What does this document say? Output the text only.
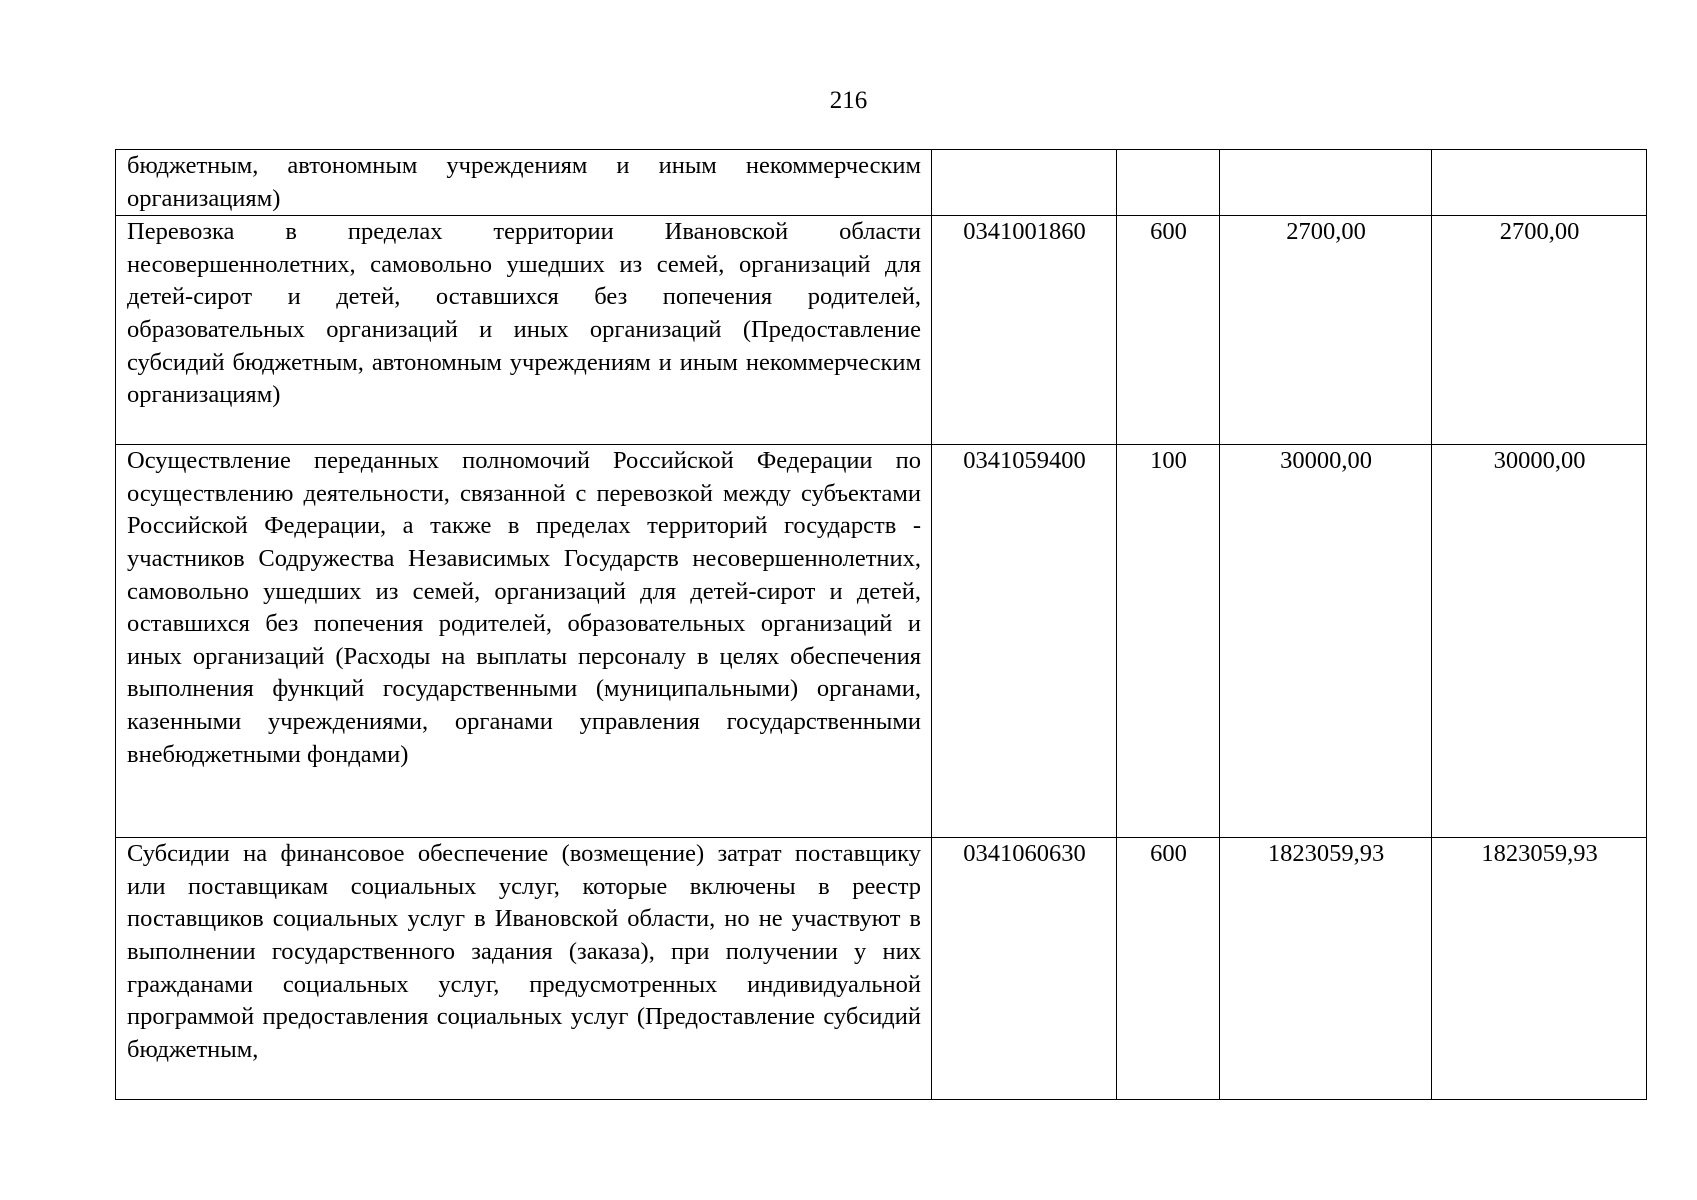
216
бюджетным, автономным учреждениям и иным некоммерческим организациям)				
Перевозка в пределах территории Ивановской области несовершеннолетних, самовольно ушедших из семей, организаций для детей-сирот и детей, оставшихся без попечения родителей, образовательных организаций и иных организаций (Предоставление субсидий бюджетным, автономным учреждениям и иным некоммерческим организациям)	0341001860	600	2700,00	2700,00
Осуществление переданных полномочий Российской Федерации по осуществлению деятельности, связанной с перевозкой между субъектами Российской Федерации, а также в пределах территорий государств - участников Содружества Независимых Государств несовершеннолетних, самовольно ушедших из семей, организаций для детей-сирот и детей, оставшихся без попечения родителей, образовательных организаций и иных организаций (Расходы на выплаты персоналу в целях обеспечения выполнения функций государственными (муниципальными) органами, казенными учреждениями, органами управления государственными внебюджетными фондами)	0341059400	100	30000,00	30000,00
Субсидии на финансовое обеспечение (возмещение) затрат поставщику или поставщикам социальных услуг, которые включены в реестр поставщиков социальных услуг в Ивановской области, но не участвуют в выполнении государственного задания (заказа), при получении у них гражданами социальных услуг, предусмотренных индивидуальной программой предоставления социальных услуг (Предоставление субсидий бюджетным,	0341060630	600	1823059,93	1823059,93
